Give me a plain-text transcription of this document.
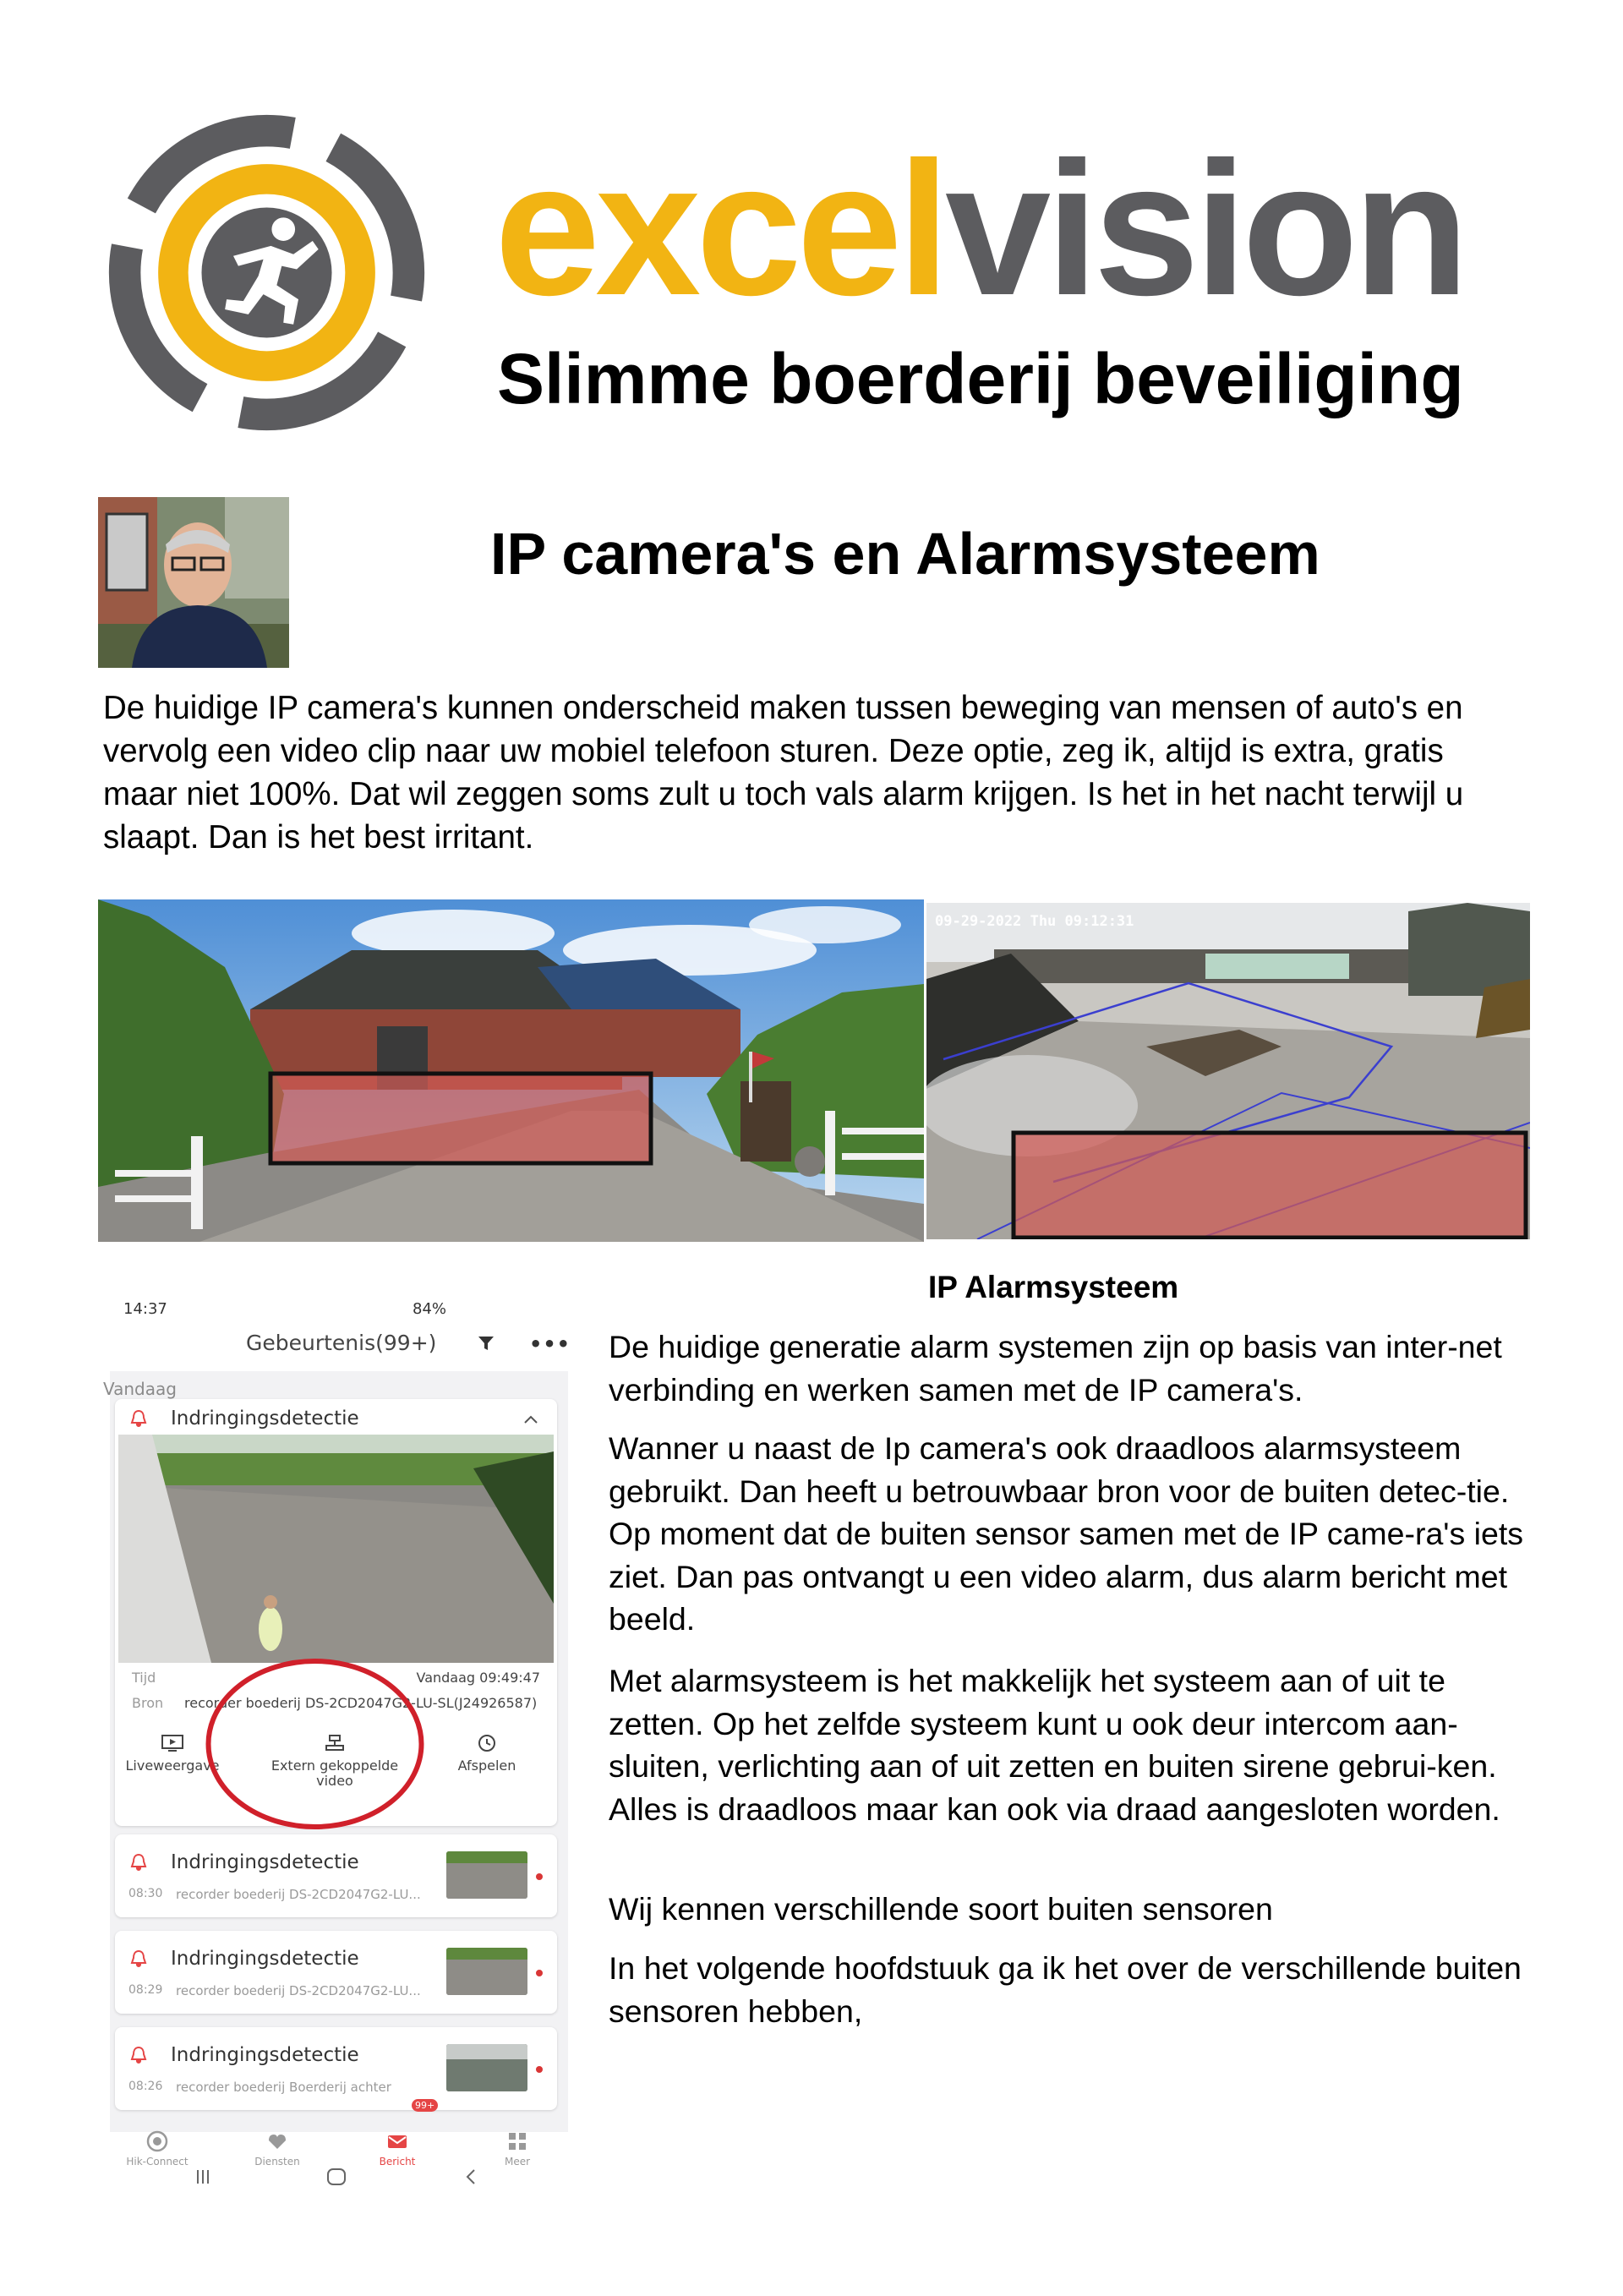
excelvision
Slimme boerderij beveiliging
IP camera's en Alarmsysteem

De huidige IP camera's kunnen onderscheid maken tussen beweging van mensen of auto's en vervolg een video clip naar uw mobiel telefoon sturen. Deze optie, zeg ik, altijd is extra, gratis maar niet 100%. Dat wil zeggen soms zult u toch vals alarm krijgen. Is het in het nacht terwijl u slaapt. Dan is het best irritant.

09-29-2022 Thu 09:12:31
14:37	84%
Gebeurtenis(99+)	•••
Vandaag
Indringingsdetectie
Tijd	Vandaag 09:49:47
Bron recorder boederij DS-2CD2047G2-LU-SL(J24926587)
Liveweergave	Extern gekoppelde video
Afspelen
Indringingsdetectie
08:30 recorder boederij DS-2CD2047G2-LU...
Indringingsdetectie
08:29 recorder boederij DS-2CD2047G2-LU...
Indringingsdetectie
08:26 recorder boederij Boerderij achter
Hik-Connect	Diensten	Bericht
99+
Meer
IP Alarmsysteem

De huidige generatie alarm systemen zijn op basis van inter-net verbinding en werken samen met de IP camera's.

Wanner u naast de Ip camera's ook draadloos alarmsysteem gebruikt. Dan heeft u betrouwbaar bron voor de buiten detec-tie. Op moment dat de buiten sensor samen met de IP came-ra's iets ziet. Dan pas ontvangt u een video alarm, dus alarm bericht met beeld.

Met alarmsysteem is het makkelijk het systeem aan of uit te zetten. Op het zelfde systeem kunt u ook deur intercom aan-sluiten, verlichting aan of uit zetten en buiten sirene gebrui-ken. Alles is draadloos maar kan ook via draad aangesloten worden.

Wij kennen verschillende soort buiten sensoren

In het volgende hoofdstuuk ga ik het over de verschillende buiten sensoren hebben,
